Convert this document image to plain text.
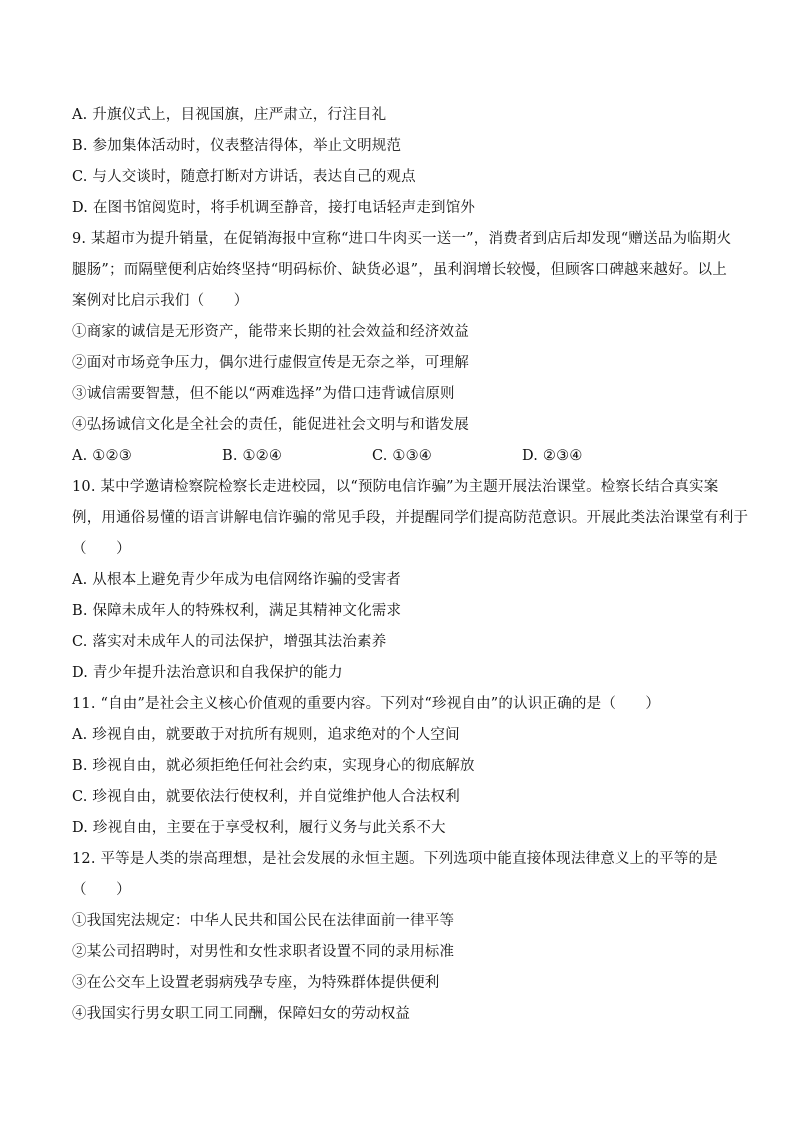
A. 升旗仪式上，目视国旗，庄严肃立，行注目礼
B. 参加集体活动时，仪表整洁得体，举止文明规范
C. 与人交谈时，随意打断对方讲话，表达自己的观点
D. 在图书馆阅览时，将手机调至静音，接打电话轻声走到馆外
9. 某超市为提升销量，在促销海报中宣称“进口牛肉买一送一”，消费者到店后却发现“赠送品为临期火
腿肠”；而隔壁便利店始终坚持“明码标价、缺货必退”，虽利润增长较慢，但顾客口碑越来越好。以上
案例对比启示我们（　　）
①商家的诚信是无形资产，能带来长期的社会效益和经济效益
②面对市场竞争压力，偶尔进行虚假宣传是无奈之举，可理解
③诚信需要智慧，但不能以“两难选择”为借口违背诚信原则
④弘扬诚信文化是全社会的责任，能促进社会文明与和谐发展
A. ①②③	B. ①②④	C. ①③④	D. ②③④
10. 某中学邀请检察院检察长走进校园，以“预防电信诈骗”为主题开展法治课堂。检察长结合真实案
例，用通俗易懂的语言讲解电信诈骗的常见手段，并提醒同学们提高防范意识。开展此类法治课堂有利于
（　　）
A. 从根本上避免青少年成为电信网络诈骗的受害者
B. 保障未成年人的特殊权利，满足其精神文化需求
C. 落实对未成年人的司法保护，增强其法治素养
D. 青少年提升法治意识和自我保护的能力
11. “自由”是社会主义核心价值观的重要内容。下列对“珍视自由”的认识正确的是（　　）
A. 珍视自由，就要敢于对抗所有规则，追求绝对的个人空间
B. 珍视自由，就必须拒绝任何社会约束，实现身心的彻底解放
C. 珍视自由，就要依法行使权利，并自觉维护他人合法权利
D. 珍视自由，主要在于享受权利，履行义务与此关系不大
12. 平等是人类的崇高理想，是社会发展的永恒主题。下列选项中能直接体现法律意义上的平等的是
（　　）
①我国宪法规定：中华人民共和国公民在法律面前一律平等
②某公司招聘时，对男性和女性求职者设置不同的录用标准
③在公交车上设置老弱病残孕专座，为特殊群体提供便利
④我国实行男女职工同工同酬，保障妇女的劳动权益
